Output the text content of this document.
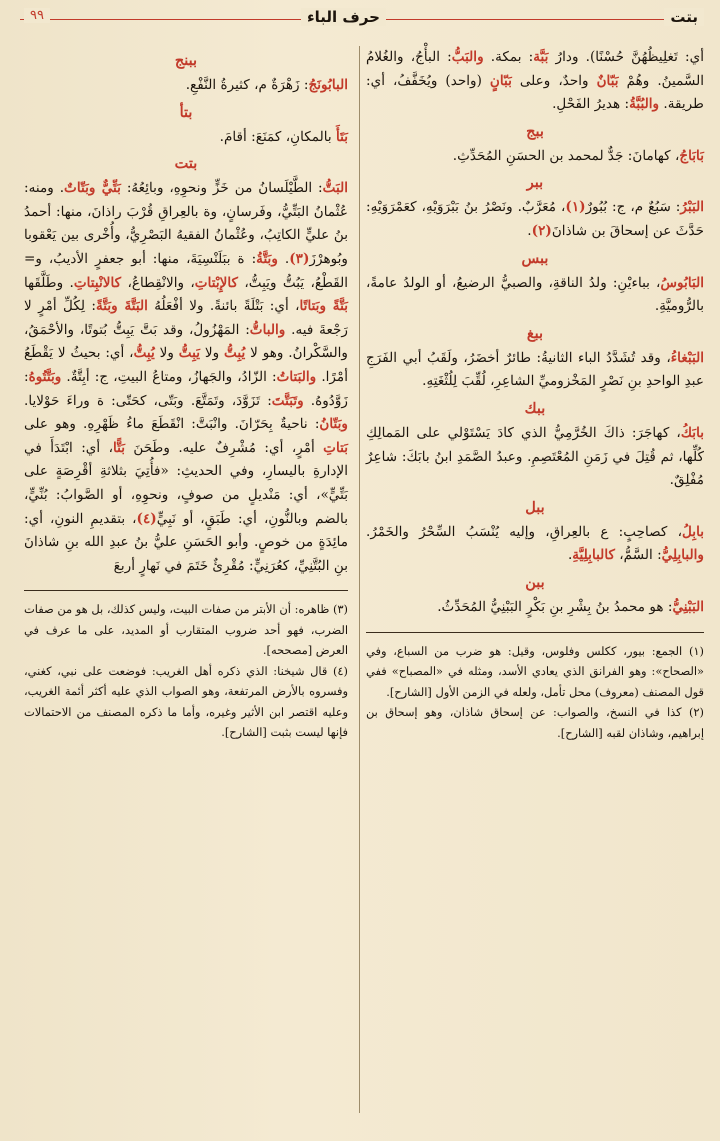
بتت
حرف الباء
٩٩

أي: تَغلِيظُهُنَّ حُسْنًا). ودارُ بَبَّة: بمكة. والبَبُّ: البأْجُ، والغُلامُ السَّمينُ. وهُمْ بَبّانٌ واحدٌ، وعلى بَبّانٍ (واحد) ويُخَفَّفُ، أي: طريقة. والبُبَّةُ: هديرُ الفَحْلِ.

ببج

بَابَاجُ، كهامانَ: جَدٌّ لمحمد بن الحسَنِ المُحَدِّثِ.

ببر

البَبْرُ: سَبُعٌ م، ج: بُبُورٌ(١)، مُعَرَّبٌ. ونَصْرُ بنُ بَبْرَوَيْهِ، كعَمْرَوَيْهِ: حَدَّثَ عن إسحاقَ بن شاذانَ(٢).

ببس

البَابُوسُ، بباءيْنِ: ولدُ الناقةِ، والصبيُّ الرضيعُ، أو الولدُ عامةً، بالرُّوميَّةِ.

ببغ

البَبْغاءُ، وقد تُشَدَّدُ الباء الثانيةُ: طائرٌ أخضَرُ، ولَقَبُ أبي الفَرَجِ عبدِ الواحدِ بنِ نَصْرٍ المَخْزوميِّ الشاعِرِ، لُقِّبَ لِلُثْغَتِهِ.

ببك

بابَكُ، كهاجَرَ: ذاكَ الخُرَّمِيُّ الذي كادَ يَسْتَوْلي على المَمالِكِ كُلِّها، ثم قُتِلَ في زَمَنِ المُعْتَصِمِ. وعبدُ الصَّمَدِ ابنُ بابَكَ: شاعِرٌ مُفْلِقٌ.

ببل

بابِلُ، كصاحِبٍ: ع بالعِراقِ، وإليه يُنْسَبُ السِّحْرُ والخَمْرُ. والبابِلِيُّ: السَّمُّ، كالبابِلِيَّةِ.

ببن

البَبْنِيُّ: هو محمدُ بنُ بِشْرِ بنِ بَكْرٍ البَبْنِيُّ المُحَدِّثُ.

(١) الجمع: بيور، ككلس وفلوس، وقيل: هو ضرب من السباع، وفي «الصحاح»: وهو الفرانق الذي يعادي الأسد، ومثله في «المصباح» ففي قول المصنف (معروف) محل تأمل، ولعله في الزمن الأول [الشارح].

(٢) كذا في النسخ، والصواب: عن إسحاق شاذان، وهو إسحاق بن إبراهيم، وشاذان لقبه [الشارح].

ببنج

البابُونَجُ: زَهْرَةٌ م، كثيرةُ النَّفْعِ.

بتأ

بَتَأَ بالمكانِ، كمَنَعَ: أقامَ.

بتت

البَتُّ: الطَّيْلَسانُ من خَزٍّ ونحوِهِ، وبائِعُهُ: بَتِّيٌّ وبَتّاتٌ. ومنه: عُثْمانُ البَتِّيُّ، وفَرسانٍ، وة بالعِراقِ قُرْبَ راذانَ، منها: أحمدُ بنُ عليٍّ الكاتِبُ، وعُثْمانُ الفقيهُ البَصْرِيُّ، وأُخْرى بين يَعْقوبا وبُوهرْزَ(٣). وبَتَّةُ: ة ببَلَنْسِيَةَ، منها: أبو جعفرٍ الأديبُ، و= القَطْعُ، يَبُتُّ ويَبِتُّ، كالإِبْتاتِ، والانْقِطاعُ، كالانْبِتاتِ. وطَلَّقَها بَتَّةً وبَتاتًا، أي: بَتْلَةً بائنةً. ولا أفْعَلُهُ البَتَّةَ وبَتَّةً: لِكُلِّ أمْرٍ لا رَجْعةَ فيه. والباتُّ: المَهْزُولُ، وقد بَتَّ يَبِتُّ بُتوتًا، والأحْمَقُ، والسَّكْرانُ. وهو لا يُبِتُّ ولا يَبِتُّ ولا يُبِتُّ، أي: بحيثُ لا يَقْطَعُ أمْرًا. والبَتاتُ: الزّادُ، والجَهازُ، ومتاعُ البيتِ، ج: أبِتَّةٌ. وبَتَّتُوهُ: زَوَّدُوهُ. وتَبَتَّتَ: تَزَوَّدَ، وتَمَتَّعَ. وبَتّى، كحَتّى: ة وراءَ حَوْلايا. وبَتّانُ: ناحيةٌ بِحَرّانَ. وانْبَتَّ: انْقَطَعَ ماءُ ظَهْرِهِ. وهو على بَتاتِ أمْرٍ، أي: مُشْرِفٌ عليه. وطَحَنَ بَتًّا، أي: ابْتَدَأَ في الإدارةِ باليسارِ، وفي الحديثِ: «فأُتِيَ بثلاثةِ أقْرِصَةٍ على بَتِّيٍّ»، أي: مَنْديلٍ من صوفٍ، ونحوِهِ، أو الصَّوابُ: بُنِّيٍّ، بالضم وبالنُّونِ، أي: طَبَقٍ، أو نَبِيٍّ(٤)، بتقديمِ النونِ، أي: مائِدَةٍ من خوصٍ. وأبو الحَسَنِ عليُّ بنُ عبدِ الله بنِ شاذانَ بنِ البُتَّنِيِّ، كعُرَنِيٍّ: مُقْرِئٌ خَتَمَ في نَهارٍ أربعَ

(٣) ظاهره: أن الأبتر من صفات البيت، وليس كذلك، بل هو من صفات الضرب، فهو أحد ضروب المتقارب أو المديد، على ما عرف في العرض [مصححه].

(٤) قال شيخنا: الذي ذكره أهل الغريب: فوضعت على نبي، كغني، وفسروه بالأرض المرتفعة، وهو الصواب الذي عليه أكثر أئمة الغريب، وعليه اقتصر ابن الأثير وغيره، وأما ما ذكره المصنف من الاحتمالات فإنها ليست بثبت [الشارح].
